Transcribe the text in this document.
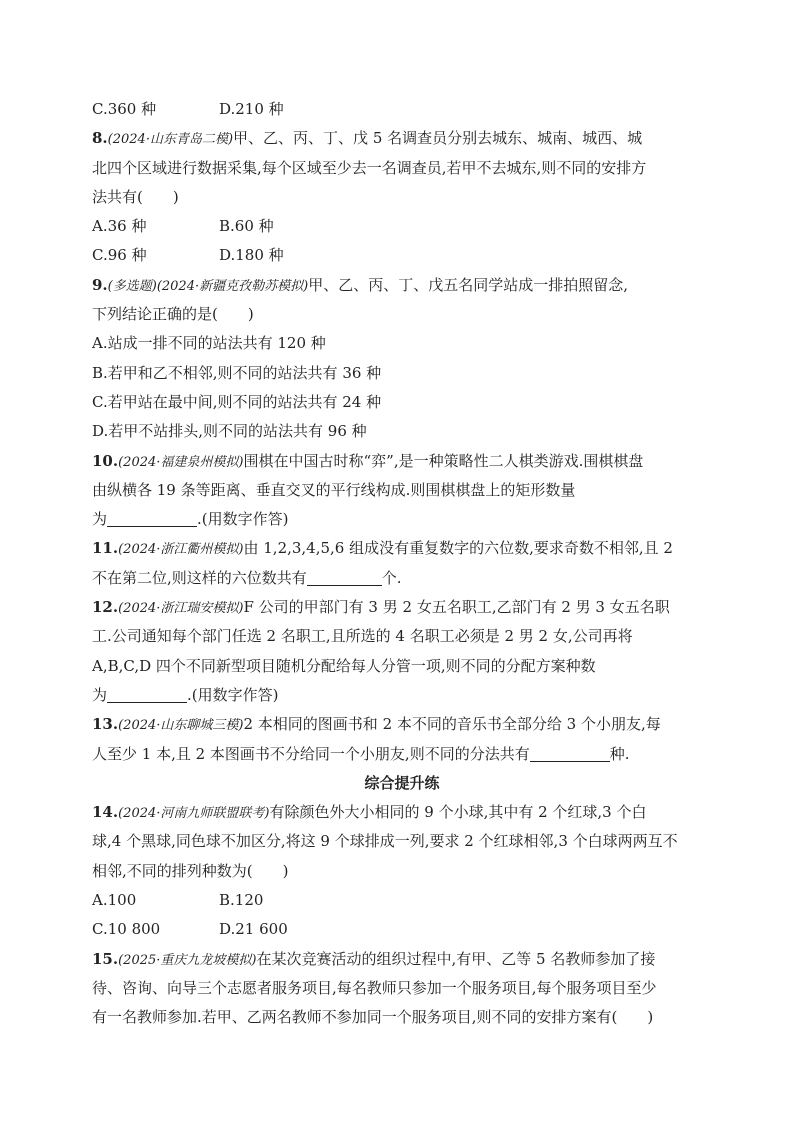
C.360 种	D.210 种
8.(2024·山东青岛二模)甲、乙、丙、丁、戊 5 名调查员分别去城东、城南、城西、城
北四个区域进行数据采集,每个区域至少去一名调查员,若甲不去城东,则不同的安排方
法共有(　　)
A.36 种	B.60 种
C.96 种	D.180 种
9.(多选题)(2024·新疆克孜勒苏模拟)甲、乙、丙、丁、戊五名同学站成一排拍照留念,
下列结论正确的是(　　)
A.站成一排不同的站法共有 120 种
B.若甲和乙不相邻,则不同的站法共有 36 种
C.若甲站在最中间,则不同的站法共有 24 种
D.若甲不站排头,则不同的站法共有 96 种
10.(2024·福建泉州模拟)围棋在中国古时称“弈”,是一种策略性二人棋类游戏.围棋棋盘
由纵横各 19 条等距离、垂直交叉的平行线构成.则围棋棋盘上的矩形数量
为	.(用数字作答)
11.(2024·浙江衢州模拟)由 1,2,3,4,5,6 组成没有重复数字的六位数,要求奇数不相邻,且 2
不在第二位,则这样的六位数共有	个.
12.(2024·浙江瑞安模拟)F 公司的甲部门有 3 男 2 女五名职工,乙部门有 2 男 3 女五名职
工.公司通知每个部门任选 2 名职工,且所选的 4 名职工必须是 2 男 2 女,公司再将
A,B,C,D 四个不同新型项目随机分配给每人分管一项,则不同的分配方案种数
为	.(用数字作答)
13.(2024·山东聊城三模)2 本相同的图画书和 2 本不同的音乐书全部分给 3 个小朋友,每
人至少 1 本,且 2 本图画书不分给同一个小朋友,则不同的分法共有	种.
综合提升练
14.(2024·河南九师联盟联考)有除颜色外大小相同的 9 个小球,其中有 2 个红球,3 个白
球,4 个黑球,同色球不加区分,将这 9 个球排成一列,要求 2 个红球相邻,3 个白球两两互不
相邻,不同的排列种数为(　　)
A.100	B.120
C.10 800	D.21 600
15.(2025·重庆九龙坡模拟)在某次竞赛活动的组织过程中,有甲、乙等 5 名教师参加了接
待、咨询、向导三个志愿者服务项目,每名教师只参加一个服务项目,每个服务项目至少
有一名教师参加.若甲、乙两名教师不参加同一个服务项目,则不同的安排方案有(　　)
